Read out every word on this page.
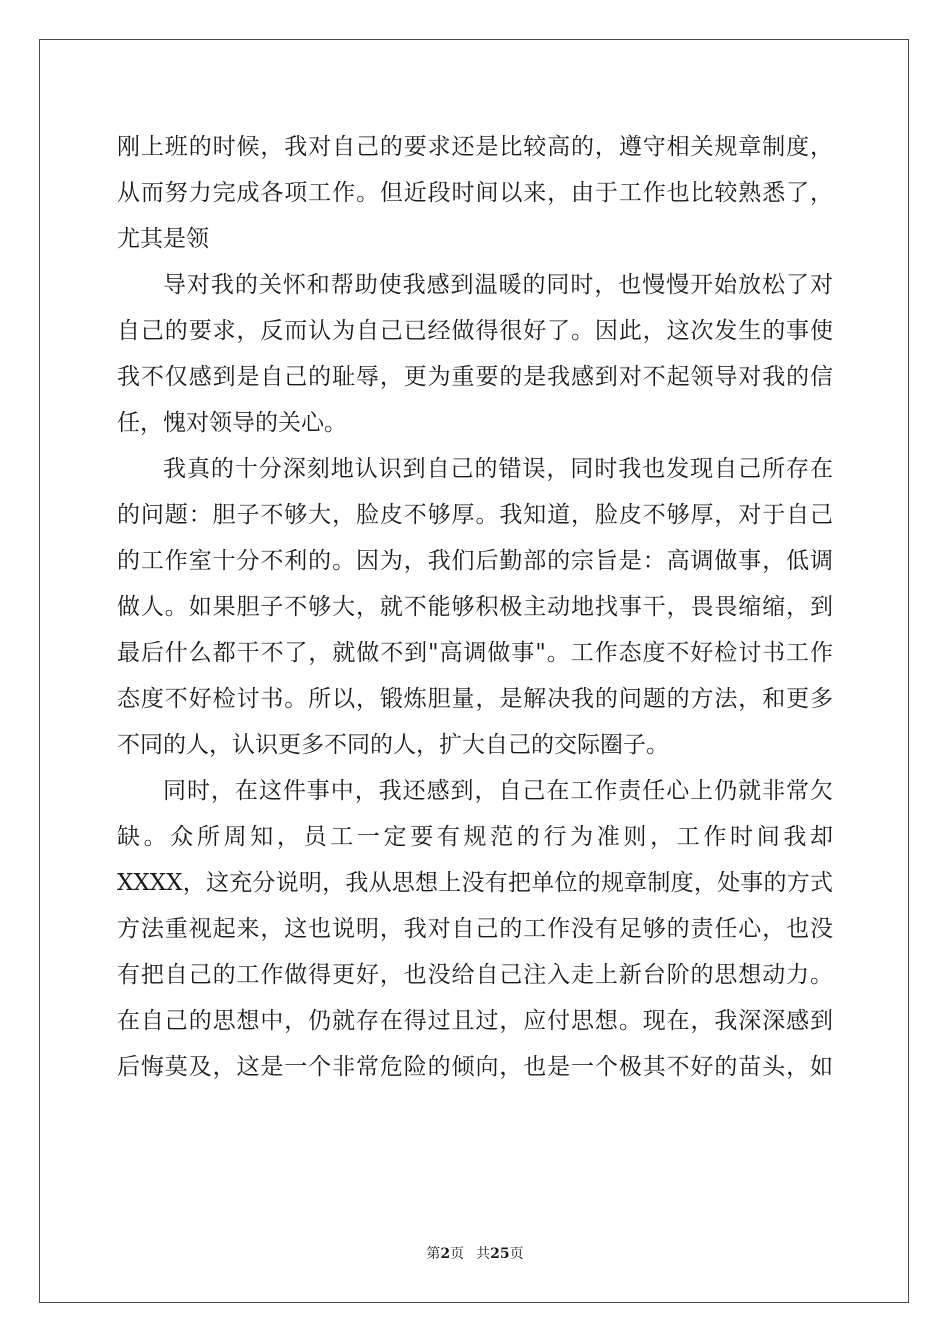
刚上班的时候，我对自己的要求还是比较高的，遵守相关规章制度，
从而努力完成各项工作。但近段时间以来，由于工作也比较熟悉了，
尤其是领
导对我的关怀和帮助使我感到温暖的同时，也慢慢开始放松了对
自己的要求，反而认为自己已经做得很好了。因此，这次发生的事使
我不仅感到是自己的耻辱，更为重要的是我感到对不起领导对我的信
任，愧对领导的关心。
我真的十分深刻地认识到自己的错误，同时我也发现自己所存在
的问题：胆子不够大，脸皮不够厚。我知道，脸皮不够厚，对于自己
的工作室十分不利的。因为，我们后勤部的宗旨是：高调做事，低调
做人。如果胆子不够大，就不能够积极主动地找事干，畏畏缩缩，到
最后什么都干不了，就做不到"高调做事"。工作态度不好检讨书工作
态度不好检讨书。所以，锻炼胆量，是解决我的问题的方法，和更多
不同的人，认识更多不同的人，扩大自己的交际圈子。
同时，在这件事中，我还感到，自己在工作责任心上仍就非常欠
缺。众所周知，员工一定要有规范的行为准则，工作时间我却
XXXX，这充分说明，我从思想上没有把单位的规章制度，处事的方式
方法重视起来，这也说明，我对自己的工作没有足够的责任心，也没
有把自己的工作做得更好，也没给自己注入走上新台阶的思想动力。
在自己的思想中，仍就存在得过且过，应付思想。现在，我深深感到
后悔莫及，这是一个非常危险的倾向，也是一个极其不好的苗头，如
第2页 共25页
